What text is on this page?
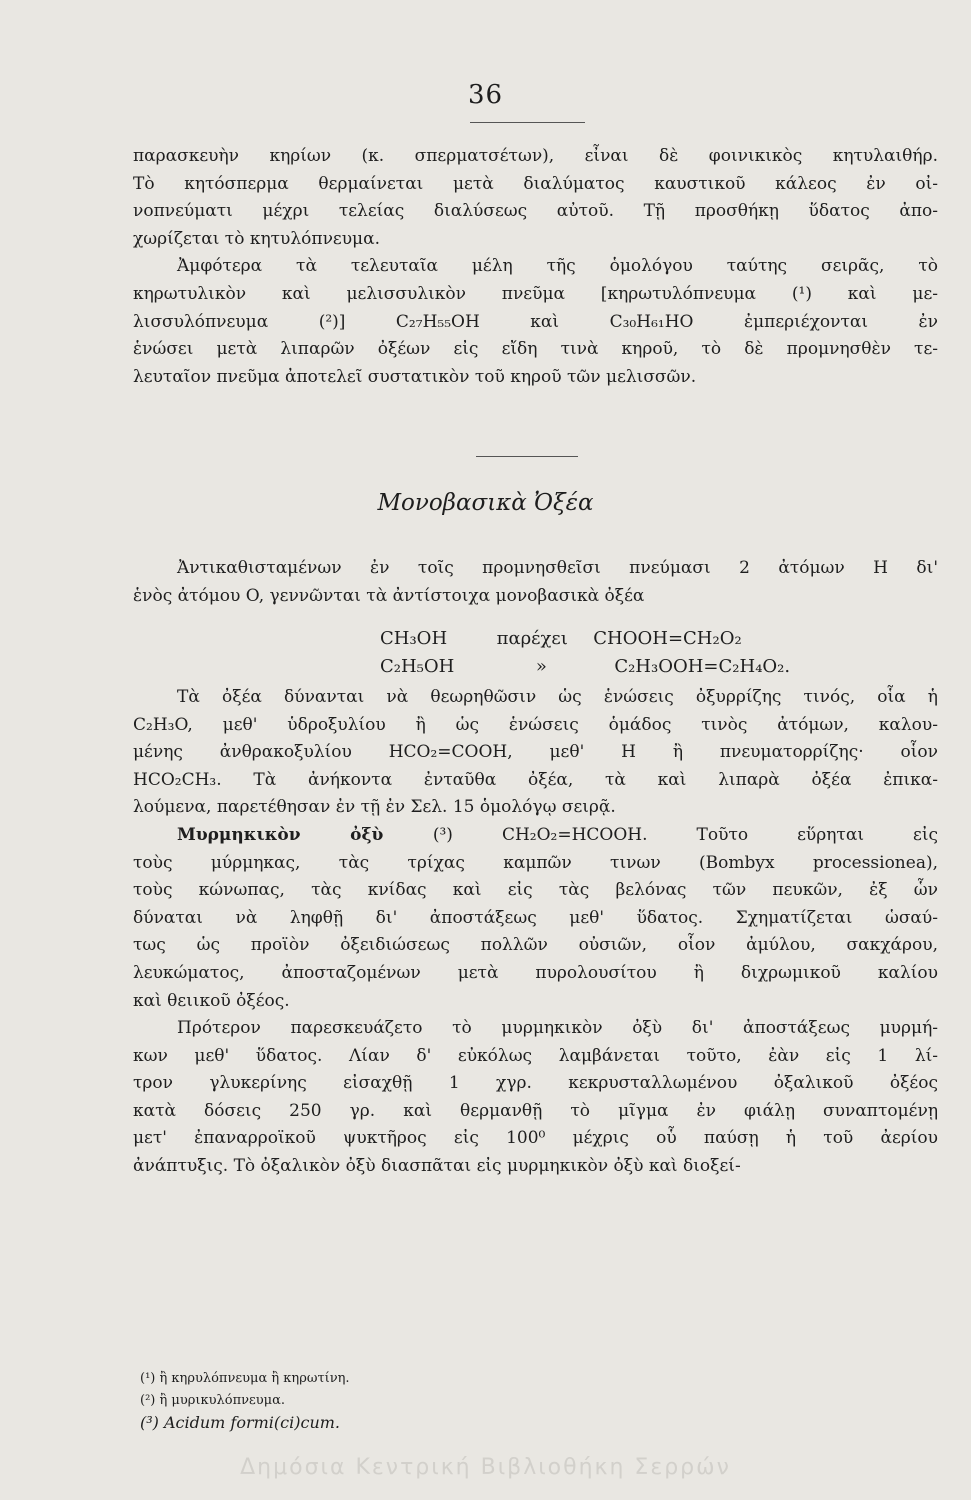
36

παρασκευὴν κηρίων (κ. σπερματσέτων), εἶναι δὲ φοινικικὸς κητυλαιθήρ.
Τὸ κητόσπερμα θερμαίνεται μετὰ διαλύματος καυστικοῦ κάλεος ἐν οἰ-
νοπνεύματι μέχρι τελείας διαλύσεως αὐτοῦ. Τῇ προσθήκῃ ὕδατος ἀπο-
χωρίζεται τὸ κητυλόπνευμα.
Ἀμφότερα τὰ τελευταῖα μέλη τῆς ὁμολόγου ταύτης σειρᾶς, τὸ
κηρωτυλικὸν καὶ μελισσυλικὸν πνεῦμα [κηρωτυλόπνευμα (¹) καὶ με-
λισσυλόπνευμα (²)] C₂₇H₅₅OH καὶ C₃₀H₆₁HO ἐμπεριέχονται ἐν
ἑνώσει μετὰ λιπαρῶν ὀξέων εἰς εἴδη τινὰ κηροῦ, τὸ δὲ προμνησθὲν τε-
λευταῖον πνεῦμα ἀποτελεῖ συστατικὸν τοῦ κηροῦ τῶν μελισσῶν.

Μονοβασικὰ Ὀξέα

Ἀντικαθισταμένων ἐν τοῖς προμνησθεῖσι πνεύμασι 2 ἀτόμων H δι'
ἑνὸς ἀτόμου O, γεννῶνται τὰ ἀντίστοιχα μονοβασικὰ ὀξέα

CH₃OH	παρέχει CHOOH=CH₂O₂
C₂H₅OH	»	C₂H₃OOH=C₂H₄O₂.

Τὰ ὀξέα δύνανται νὰ θεωρηθῶσιν ὡς ἑνώσεις ὀξυρρίζης τινός, οἷα ἡ
C₂H₃O, μεθ' ὑδροξυλίου ἢ ὡς ἑνώσεις ὁμάδος τινὸς ἀτόμων, καλου-
μένης ἀνθρακοξυλίου HCO₂=COOH, μεθ' H ἢ πνευματορρίζης· οἷον
HCO₂CH₃. Τὰ ἀνήκοντα ἐνταῦθα ὀξέα, τὰ καὶ λιπαρὰ ὀξέα ἐπικα-
λούμενα, παρετέθησαν ἐν τῇ ἐν Σελ. 15 ὁμολόγῳ σειρᾷ.

Μυρμηκικὸν ὀξὺ (³) CH₂O₂=HCOOH. Τοῦτο εὕρηται εἰς
τοὺς μύρμηκας, τὰς τρίχας καμπῶν τινων (Bombyx processionea),
τοὺς κώνωπας, τὰς κνίδας καὶ εἰς τὰς βελόνας τῶν πευκῶν, ἐξ ὧν
δύναται νὰ ληφθῇ δι' ἀποστάξεως μεθ' ὕδατος. Σχηματίζεται ὡσαύ-
τως ὡς προϊὸν ὀξειδιώσεως πολλῶν οὐσιῶν, οἷον ἀμύλου, σακχάρου,
λευκώματος, ἀποσταζομένων μετὰ πυρολουσίτου ἢ διχρωμικοῦ καλίου
καὶ θειικοῦ ὀξέος.

Πρότερον παρεσκευάζετο τὸ μυρμηκικὸν ὀξὺ δι' ἀποστάξεως μυρμή-
κων μεθ' ὕδατος. Λίαν δ' εὐκόλως λαμβάνεται τοῦτο, ἐὰν εἰς 1 λί-
τρον γλυκερίνης εἰσαχθῇ 1 χγρ. κεκρυσταλλωμένου ὀξαλικοῦ ὀξέος
κατὰ δόσεις 250 γρ. καὶ θερμανθῇ τὸ μῖγμα ἐν φιάλῃ συναπτομένῃ
μετ' ἐπαναρροϊκοῦ ψυκτῆρος εἰς 100⁰ μέχρις οὗ παύσῃ ἡ τοῦ ἀερίου
ἀνάπτυξις. Τὸ ὀξαλικὸν ὀξὺ διασπᾶται εἰς μυρμηκικὸν ὀξὺ καὶ διοξεί-

(¹) ἢ κηρυλόπνευμα ἢ κηρωτίνη.
(²) ἢ μυρικυλόπνευμα.
(³) Acidum formi(ci)cum.
Δημόσια Κεντρική Βιβλιοθήκη Σερρών
